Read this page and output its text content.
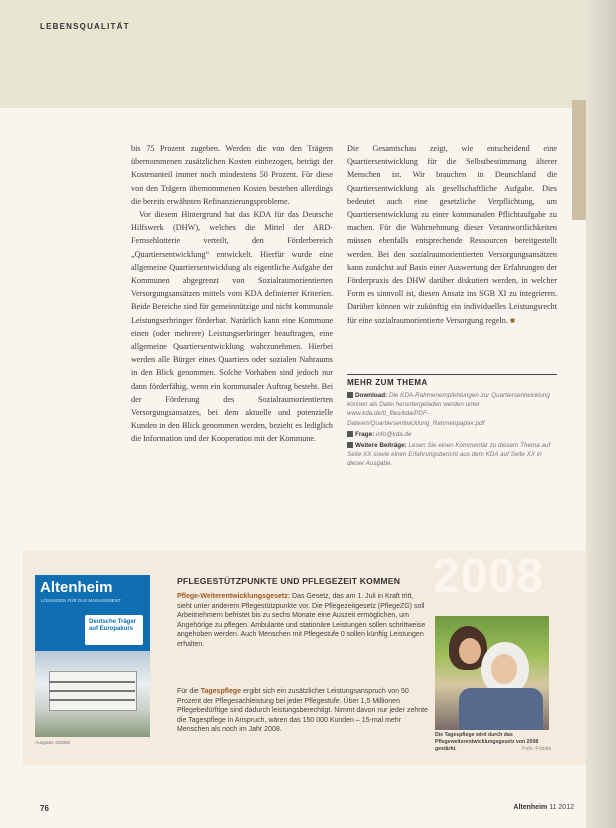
LEBENSQUALITÄT

bis 75 Prozent zugeben. Werden die von den Trägern übernommenen zusätzlichen Kosten einbezogen, beträgt der Kostenanteil immer noch mindestens 50 Prozent. Für diese von den Trägern übernommenen Kosten bestehen allerdings die bereits erwähnten Refinanzierungsprobleme.

Vor diesem Hintergrund hat das KDA für das Deutsche Hilfswerk (DHW), welches die Mittel der ARD-Fernsehlotterie verteilt, den Förderbereich „Quartiersentwicklung“ entwickelt. Hierfür wurde eine allgemeine Quartiersentwicklung als eigentliche Aufgabe der Kommunen abgegrenzt von Sozialraumorientierten Versorgungsansätzen mittels vom KDA definierter Kriterien. Beide Bereiche sind für gemeinnützige und nicht kommunale Leistungserbringer förderbar. Natürlich kann eine Kommune einen (oder mehrere) Leistungserbringer beauftragen, eine allgemeine Quartiersentwicklung wahrzunehmen. Hierbei werden alle Bürger eines Quartiers oder sozialen Nahraums in den Blick genommen. Solche Vorhaben sind jedoch nur dann förderfähig, wenn ein kommunaler Auftrag besteht. Bei der Förderung des Sozialraumorientierten Versorgungsansatzes, bei dem aktuelle und potenzielle Kunden in den Blick genommen werden, bezieht es lediglich die Information und der Kooperation mit der Kommune.

Die Gesamtschau zeigt, wie entscheidend eine Quartiersentwicklung für die Selbstbestimmung älterer Menschen ist. Wir brauchen in Deutschland die Quartiersentwicklung als gesellschaftliche Aufgabe. Dies bedeutet auch eine gesetzliche Verpflichtung, um Quartiersentwicklung zu einer kommunalen Pflichtaufgabe zu machen. Für die Wahrnehmung dieser Verantwortlichkeiten müssen ebenfalls entsprechende Ressourcen bereitgestellt werden. Bei den sozialraumorientierten Versorgungsansätzen kann zunächst auf Basis einer Auswertung der Erfahrungen der Förderpraxis des DHW darüber diskutiert werden, in welcher Form es sinnvoll ist, diesen Ansatz ins SGB XI zu integrieren. Darüber können wir zukünftig ein individuelles Leistungsrecht für eine sozialraumorientierte Versorgung regeln. ■

MEHR ZUM THEMA
Download: Die KDA-Rahmenempfehlungen zur Quartiersentwicklung können als Datei heruntergeladen werden unter www.kda.de/tl_files/kda/PDF-Dateien/Quartiersentwicklung_Rahmenpapier.pdf
Frage: info@kda.de
Weitere Beiträge: Lesen Sie einen Kommentar zu diesem Thema auf Seite XX sowie einen Erfahrungsbericht aus dem KDA auf Seite XX in dieser Ausgabe.
2008
Altenheim
LÖSUNGEN FÜR DAS MANAGEMENT
Deutsche Träger auf Europakurs
Ausgabe 4/2008
PFLEGESTÜTZPUNKTE UND PFLEGEZEIT KOMMEN
Pflege-Weiterentwicklungsgesetz: Das Gesetz, das am 1. Juli in Kraft tritt, sieht unter anderem Pflegestützpunkte vor. Die Pflegezeitgesetz (PflegeZG) soll Arbeitnehmern befristet bis zu sechs Monate eine Auszeit ermöglichen, um Angehörige zu pflegen. Ambulante und stationäre Leistungen sollen schrittweise angehoben werden. Auch Menschen mit Pflegestufe 0 sollen künftig Leistungen erhalten.
Für die Tagespflege ergibt sich ein zusätzlicher Leistungsanspruch von 50 Prozent der Pflegesachleistung bei jeder Pflegestufe. Über 1,5 Millionen Pflegebedürftige sind dadurch leistungsberechtigt. Nimmt davon nur jeder zehnte die Tagespflege in Anspruch, wären das 150 000 Kunden – 15-mal mehr Menschen als noch im Jahr 2008.
Die Tagespflege wird durch das Pflegeweiterentwicklungsgesetz von 2008 gestärkt.	Foto: Fotolia
76	Altenheim 11 2012
